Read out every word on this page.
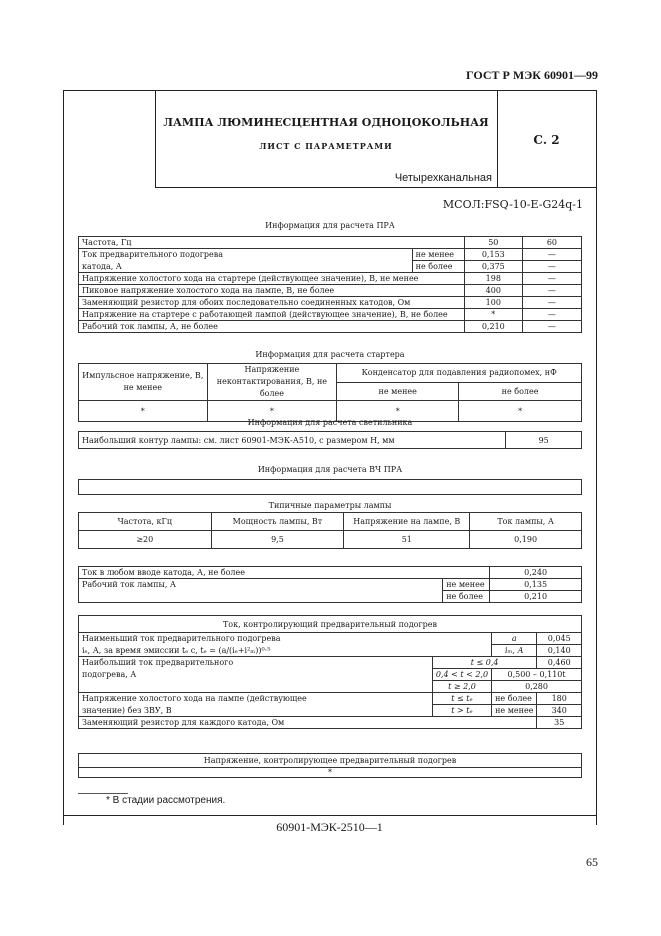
ГОСТ Р МЭК 60901—99
ЛАМПА ЛЮМИНЕСЦЕНТНАЯ ОДНОЦОКОЛЬНАЯ
ЛИСТ С ПАРАМЕТРАМИ
Четырехканальная
С. 2
МСОЛ:FSQ-10-E-G24q-1
Информация для расчета ПРА
Частота, Гц		50	60
Ток предварительного подогрева	не менее	0,153	—
катода, А	не более	0,375	—
Напряжение холостого хода на стартере (действующее значение), В, не менее		198	—
Пиковое напряжение холостого хода на лампе, В, не более		400	—
Заменяющий резистор для обоих последовательно соединенных катодов, Ом		100	—
Напряжение на стартере с работающей лампой (действующее значение), В, не более		*	—
Рабочий ток лампы, А, не более		0,210	—
Информация для расчета стартера
Импульсное напряжение, В, не менее	Напряжение неконтактирования, В, не более	Конденсатор для подавления радиопомех, нФ	
		не менее	не более
*	*	*	*
Информация для расчета светильника
Наибольший контур лампы: см. лист 60901-МЭК-А510, с размером H, мм	95
Информация для расчета ВЧ ПРА
Типичные параметры лампы
Частота, кГц	Мощность лампы, Вт	Напряжение на лампе, В	Ток лампы, А
≥20	9,5	51	0,190
Ток в любом вводе катода, А, не более		0,240
Рабочий ток лампы, А	не менее	0,135
	не более	0,210
Ток, контролирующий предварительный подогрев			
Наименьший ток предварительного подогрева		a	0,045
iₑ, А, за время эмиссии tₑ с, tₑ = (a/(iₑ+i²ₘ))⁰·⁵		iₘ, А	0,140
Наибольший ток предварительного	t ≤ 0,4		0,460
подогрева, А	0,4 < t < 2,0	0,500 – 0,110t	
	t ≥ 2,0	0,280	
Напряжение холостого хода на лампе (действующее	t ≤ tₑ	не более	180
значение) без ЗВУ, В	t > tₑ	не менее	340
Заменяющий резистор для каждого катода, Ом			35
Напряжение, контролирующее предварительный подогрев
*
* В стадии рассмотрения.
60901-МЭК-2510—1
65
